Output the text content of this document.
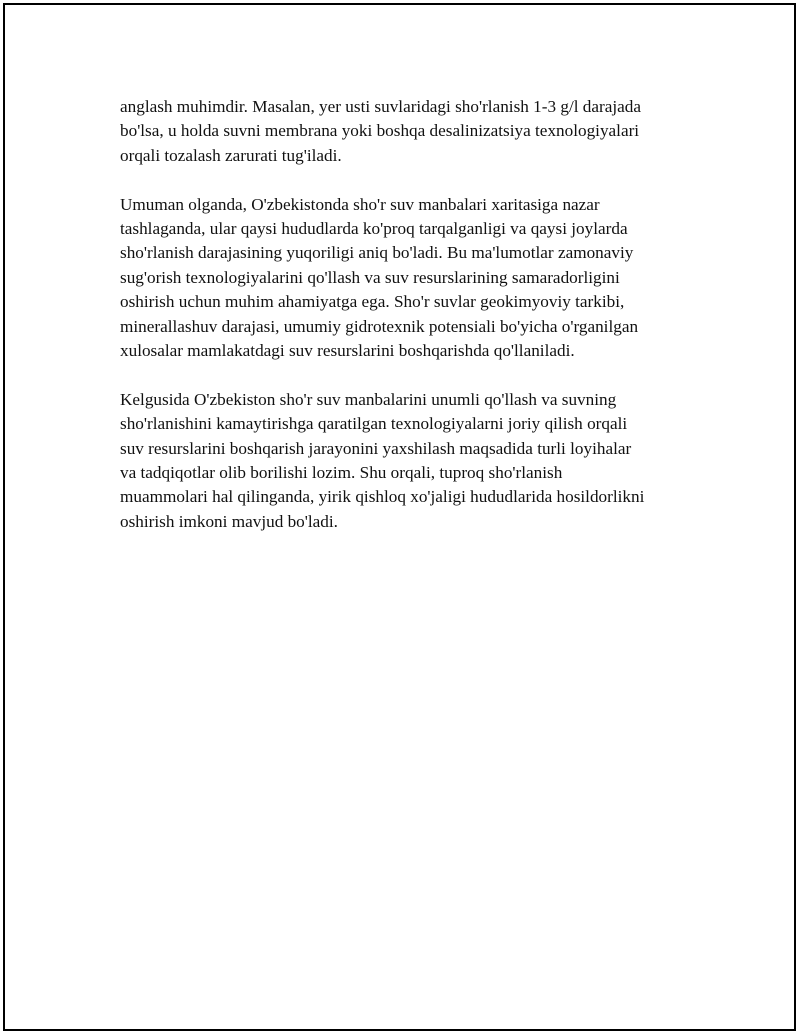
anglash muhimdir. Masalan, yer usti suvlaridagi sho'rlanish 1-3 g/l darajada
bo'lsa, u holda suvni membrana yoki boshqa desalinizatsiya texnologiyalari
orqali tozalash zarurati tug'iladi.

Umuman olganda, O'zbekistonda sho'r suv manbalari xaritasiga nazar
tashlaganda, ular qaysi hududlarda ko'proq tarqalganligi va qaysi joylarda
sho'rlanish darajasining yuqoriligi aniq bo'ladi. Bu ma'lumotlar zamonaviy
sug'orish texnologiyalarini qo'llash va suv resurslarining samaradorligini
oshirish uchun muhim ahamiyatga ega. Sho'r suvlar geokimyoviy tarkibi,
minerallashuv darajasi, umumiy gidrotexnik potensiali bo'yicha o'rganilgan
xulosalar mamlakatdagi suv resurslarini boshqarishda qo'llaniladi.

Kelgusida O'zbekiston sho'r suv manbalarini unumli qo'llash va suvning
sho'rlanishini kamaytirishga qaratilgan texnologiyalarni joriy qilish orqali
suv resurslarini boshqarish jarayonini yaxshilash maqsadida turli loyihalar
va tadqiqotlar olib borilishi lozim. Shu orqali, tuproq sho'rlanish
muammolari hal qilinganda, yirik qishloq xo'jaligi hududlarida hosildorlikni
oshirish imkoni mavjud bo'ladi.
